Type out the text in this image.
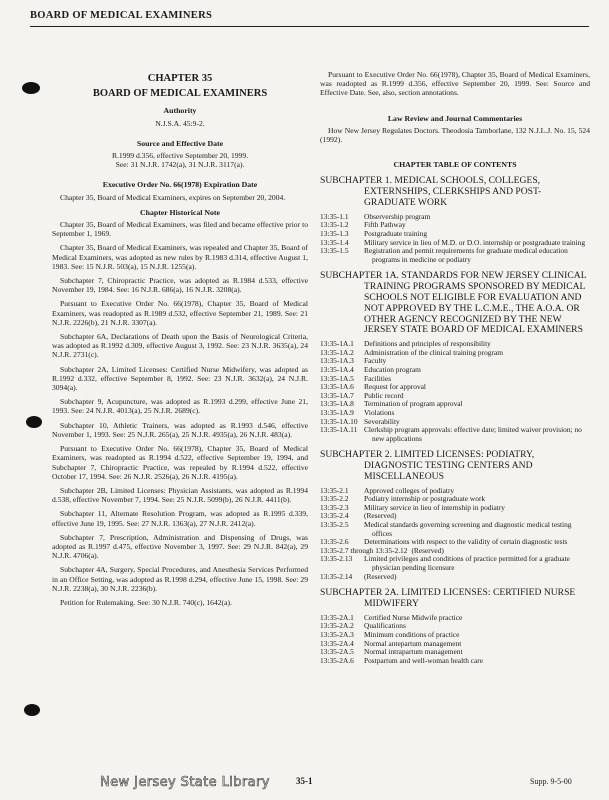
BOARD OF MEDICAL EXAMINERS
CHAPTER 35
BOARD OF MEDICAL EXAMINERS
Authority
N.J.S.A. 45:9-2.
Source and Effective Date
R.1999 d.356, effective September 20, 1999.
See: 31 N.J.R. 1742(a), 31 N.J.R. 3117(a).
Executive Order No. 66(1978) Expiration Date
Chapter 35, Board of Medical Examiners, expires on September 20, 2004.
Chapter Historical Note
Chapter 35, Board of Medical Examiners, was filed and became effective prior to September 1, 1969.
Chapter 35, Board of Medical Examiners, was repealed and Chapter 35, Board of Medical Examiners, was adopted as new rules by R.1983 d.314, effective August 1, 1983. See: 15 N.J.R. 503(a), 15 N.J.R. 1255(a).
Subchapter 7, Chiropractic Practice, was adopted as R.1984 d.533, effective November 19, 1984. See: 16 N.J.R. 686(a), 16 N.J.R. 3208(a).
Pursuant to Executive Order No. 66(1978), Chapter 35, Board of Medical Examiners, was readopted as R.1989 d.532, effective September 21, 1989. See: 21 N.J.R. 2226(b), 21 N.J.R. 3307(a).
Subchapter 6A, Declarations of Death upon the Basis of Neurological Criteria, was adopted as R.1992 d.309, effective August 3, 1992. See: 23 N.J.R. 3635(a), 24 N.J.R. 2731(c).
Subchapter 2A, Limited Licenses: Certified Nurse Midwifery, was adopted as R.1992 d.332, effective September 8, 1992. See: 23 N.J.R. 3632(a), 24 N.J.R. 3094(a).
Subchapter 9, Acupuncture, was adopted as R.1993 d.299, effective June 21, 1993. See: 24 N.J.R. 4013(a), 25 N.J.R. 2689(c).
Subchapter 10, Athletic Trainers, was adopted as R.1993 d.546, effective November 1, 1993. See: 25 N.J.R. 265(a), 25 N.J.R. 4935(a), 26 N.J.R. 483(a).
Pursuant to Executive Order No. 66(1978), Chapter 35, Board of Medical Examiners, was readopted as R.1994 d.522, effective September 19, 1994, and Subchapter 7, Chiropractic Practice, was repealed by R.1994 d.522, effective October 17, 1994. See: 26 N.J.R. 2526(a), 26 N.J.R. 4195(a).
Subchapter 2B, Limited Licenses: Physician Assistants, was adopted as R.1994 d.538, effective November 7, 1994. See: 25 N.J.R. 5099(b), 26 N.J.R. 4411(b).
Subchapter 11, Alternate Resolution Program, was adopted as R.1995 d.339, effective June 19, 1995. See: 27 N.J.R. 1363(a), 27 N.J.R. 2412(a).
Subchapter 7, Prescription, Administration and Dispensing of Drugs, was adopted as R.1997 d.475, effective November 3, 1997. See: 29 N.J.R. 842(a), 29 N.J.R. 4706(a).
Subchapter 4A, Surgery, Special Procedures, and Anesthesia Services Performed in an Office Setting, was adopted as R.1998 d.294, effective June 15, 1998. See: 29 N.J.R. 2238(a), 30 N.J.R. 2236(b).
Petition for Rulemaking. See: 30 N.J.R. 740(c), 1642(a).
Pursuant to Executive Order No. 66(1978), Chapter 35, Board of Medical Examiners, was readopted as R.1999 d.356, effective September 20, 1999. See: Source and Effective Date. See, also, section annotations.
Law Review and Journal Commentaries
How New Jersey Regulates Doctors. Theodosia Tamborlane, 132 N.J.L.J. No. 15, 524 (1992).
CHAPTER TABLE OF CONTENTS
SUBCHAPTER 1. MEDICAL SCHOOLS, COLLEGES, EXTERNSHIPS, CLERKSHIPS AND POST-GRADUATE WORK
13:35-1.1	Observership program
13:35-1.2	Fifth Pathway
13:35-1.3	Postgraduate training
13:35-1.4	Military service in lieu of M.D. or D.O. internship or postgraduate training
13:35-1.5	Registration and permit requirements for graduate medical education programs in medicine or podiatry
SUBCHAPTER 1A. STANDARDS FOR NEW JERSEY CLINICAL TRAINING PROGRAMS SPONSORED BY MEDICAL SCHOOLS NOT ELIGIBLE FOR EVALUATION AND NOT APPROVED BY THE L.C.M.E., THE A.O.A. OR OTHER AGENCY RECOGNIZED BY THE NEW JERSEY STATE BOARD OF MEDICAL EXAMINERS
13:35-1A.1	Definitions and principles of responsibility
13:35-1A.2	Administration of the clinical training program
13:35-1A.3	Faculty
13:35-1A.4	Education program
13:35-1A.5	Facilities
13:35-1A.6	Request for approval
13:35-1A.7	Public record
13:35-1A.8	Termination of program approval
13:35-1A.9	Violations
13:35-1A.10 Severability
13:35-1A.11 Clerkship program approvals: effective date; limited waiver provision; no new applications
SUBCHAPTER 2. LIMITED LICENSES: PODIATRY, DIAGNOSTIC TESTING CENTERS AND MISCELLANEOUS
13:35-2.1	Approved colleges of podiatry
13:35-2.2	Podiatry internship or postgraduate work
13:35-2.3	Military service in lieu of internship in podiatry
13:35-2.4	(Reserved)
13:35-2.5	Medical standards governing screening and diagnostic medical testing offices
13:35-2.6	Determinations with respect to the validity of certain diagnostic tests
13:35-2.7 through 13:35-2.12 (Reserved)
13:35-2.13	Limited privileges and conditions of practice permitted for a graduate physician pending licensure
13:35-2.14	(Reserved)
SUBCHAPTER 2A. LIMITED LICENSES: CERTIFIED NURSE MIDWIFERY
13:35-2A.1	Certified Nurse Midwife practice
13:35-2A.2	Qualifications
13:35-2A.3	Minimum conditions of practice
13:35-2A.4	Normal antepartum management
13:35-2A.5	Normal intrapartum management
13:35-2A.6	Postpartum and well-woman health care
New Jersey State Library	35-1	Supp. 9-5-00
